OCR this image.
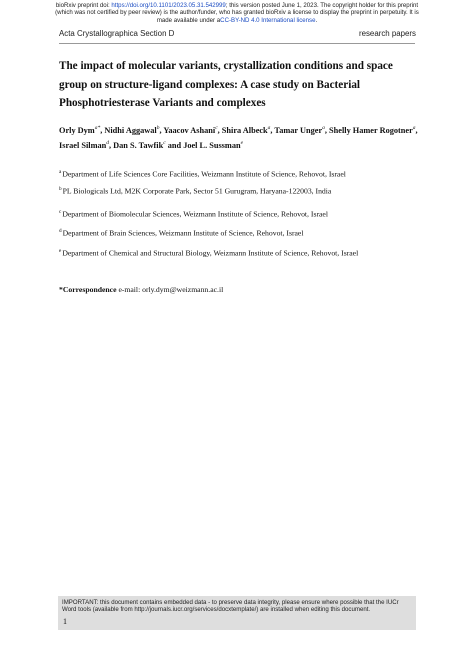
bioRxiv preprint doi: https://doi.org/10.1101/2023.05.31.542999; this version posted June 1, 2023. The copyright holder for this preprint
(which was not certified by peer review) is the author/funder, who has granted bioRxiv a license to display the preprint in perpetuity. It is
made available under aCC-BY-ND 4.0 International license.
Acta Crystallographica Section D	research papers
The impact of molecular variants, crystallization conditions and space group on structure-ligand complexes: A case study on Bacterial Phosphotriesterase Variants and complexes
Orly Dym$^{a*}$, Nidhi Aggawal$^b$, Yaacov Ashani$^c$, Shira Albeck$^a$, Tamar Unger$^a$, Shelly Hamer Rogotner$^a$, Israel Silman$^d$, Dan S. Tawfik$^c$ and Joel L. Sussman$^e$
$^a$Department of Life Sciences Core Facilities, Weizmann Institute of Science, Rehovot, Israel
$^b$PL Biologicals Ltd, M2K Corporate Park, Sector 51 Gurugram, Haryana-122003, India
$^c$Department of Biomolecular Sciences, Weizmann Institute of Science, Rehovot, Israel
$^d$Department of Brain Sciences, Weizmann Institute of Science, Rehovot, Israel
$^e$Department of Chemical and Structural Biology, Weizmann Institute of Science, Rehovot, Israel
*Correspondence e-mail: orly.dym@weizmann.ac.il
IMPORTANT: this document contains embedded data - to preserve data integrity, please ensure where possible that the IUCr
Word tools (available from http://journals.iucr.org/services/docxtemplate/) are installed when editing this document.
1
